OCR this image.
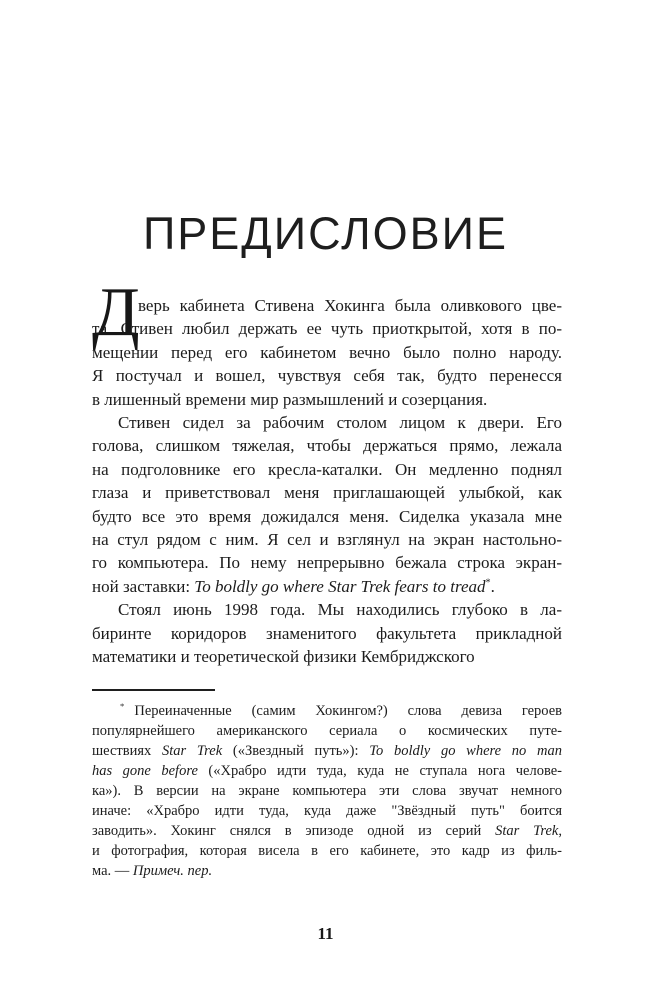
ПРЕДИСЛОВИЕ
Д
верь кабинета Стивена Хокинга была оливкового цве-
та. Стивен любил держать ее чуть приоткрытой, хотя в по-
мещении перед его кабинетом вечно было полно народу.
Я постучал и вошел, чувствуя себя так, будто перенесся
в лишенный времени мир размышлений и созерцания.
Стивен сидел за рабочим столом лицом к двери. Его
голова, слишком тяжелая, чтобы держаться прямо, лежала
на подголовнике его кресла-каталки. Он медленно поднял
глаза и приветствовал меня приглашающей улыбкой, как
будто все это время дожидался меня. Сиделка указала мне
на стул рядом с ним. Я сел и взглянул на экран настольно-
го компьютера. По нему непрерывно бежала строка экран-
ной заставки: To boldly go where Star Trek fears to tread*.
Стоял июнь 1998 года. Мы находились глубоко в ла-
биринте коридоров знаменитого факультета прикладной
математики и теоретической физики Кембриджского
* Переиначенные (самим Хокингом?) слова девиза героев
популярнейшего американского сериала о космических путе-
шествиях Star Trek («Звездный путь»): To boldly go where no man
has gone before («Храбро идти туда, куда не ступала нога челове-
ка»). В версии на экране компьютера эти слова звучат немного
иначе: «Храбро идти туда, куда даже "Звёздный путь" боится
заводить». Хокинг снялся в эпизоде одной из серий Star Trek,
и фотография, которая висела в его кабинете, это кадр из филь-
ма. — Примеч. пер.
11
